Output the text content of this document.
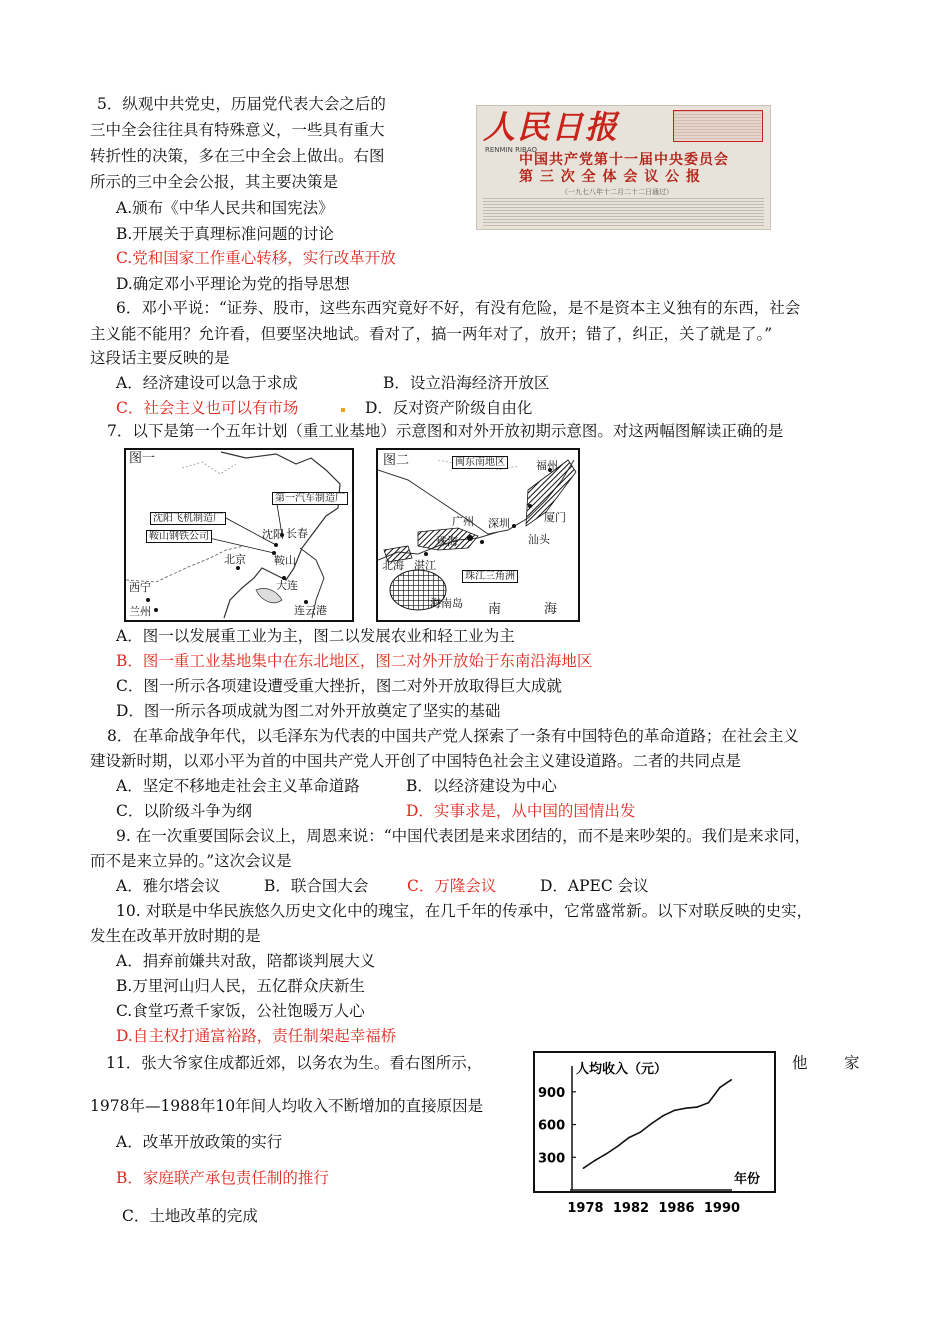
5．纵观中共党史，历届党代表大会之后的
三中全会往往具有特殊意义，一些具有重大
转折性的决策，多在三中全会上做出。右图
所示的三中全会公报，其主要决策是
A.颁布《中华人民共和国宪法》
B.开展关于真理标准问题的讨论
C.党和国家工作重心转移，实行改革开放
D.确定邓小平理论为党的指导思想
人民日报
RENMIN RIBAO
中国共产党第十一届中央委员会
第 三 次 全 体 会 议 公 报
（一九七八年十二月二十二日通过）
6．邓小平说：“证券、股市，这些东西究竟好不好，有没有危险，是不是资本主义独有的东西，社会
主义能不能用？允许看，但要坚决地试。看对了，搞一两年对了，放开；错了，纠正，关了就是了。”
这段话主要反映的是
A．经济建设可以急于求成	B．设立沿海经济开放区
C．社会主义也可以有市场	D．反对资产阶级自由化
7．以下是第一个五年计划（重工业基地）示意图和对外开放初期示意图。对这两幅图解读正确的是
图一
沈阳飞机制造厂
第一汽车制造厂
鞍山钢铁公司	沈阳 长春
北京	鞍山
大连
西宁
兰州	连云港
图二	闽东南地区	福州
广州 深圳	厦门
珠海	汕头
北海 湛江
珠江三角洲
海南岛 南	海
A．图一以发展重工业为主，图二以发展农业和轻工业为主
B．图一重工业基地集中在东北地区，图二对外开放始于东南沿海地区
C．图一所示各项建设遭受重大挫折，图二对外开放取得巨大成就
D．图一所示各项成就为图二对外开放奠定了坚实的基础
8．在革命战争年代，以毛泽东为代表的中国共产党人探索了一条有中国特色的革命道路；在社会主义
建设新时期，以邓小平为首的中国共产党人开创了中国特色社会主义建设道路。二者的共同点是
A．坚定不移地走社会主义革命道路	B．以经济建设为中心
C．以阶级斗争为纲	D．实事求是，从中国的国情出发
9. 在一次重要国际会议上，周恩来说：“中国代表团是来求团结的，而不是来吵架的。我们是来求同，
而不是来立异的。”这次会议是
A．雅尔塔会议	B．联合国大会 C．万隆会议	D．APEC 会议
10. 对联是中华民族悠久历史文化中的瑰宝，在几千年的传承中，它常盛常新。以下对联反映的史实，
发生在改革开放时期的是
A．捐弃前嫌共对敌，陪都谈判展大义
B.万里河山归人民，五亿群众庆新生
C.食堂巧煮千家饭，公社饱暖万人心
D.自主权打通富裕路，责任制架起幸福桥
11．张大爷家住成都近郊，以务农为生。看右图所示，	他 家
1978年—1988年10年间人均收入不断增加的直接原因是
A．改革开放政策的实行
B．家庭联产承包责任制的推行
C．土地改革的完成
人均收入（元）
年份
300
600
900
1978 1982 1986 1990
